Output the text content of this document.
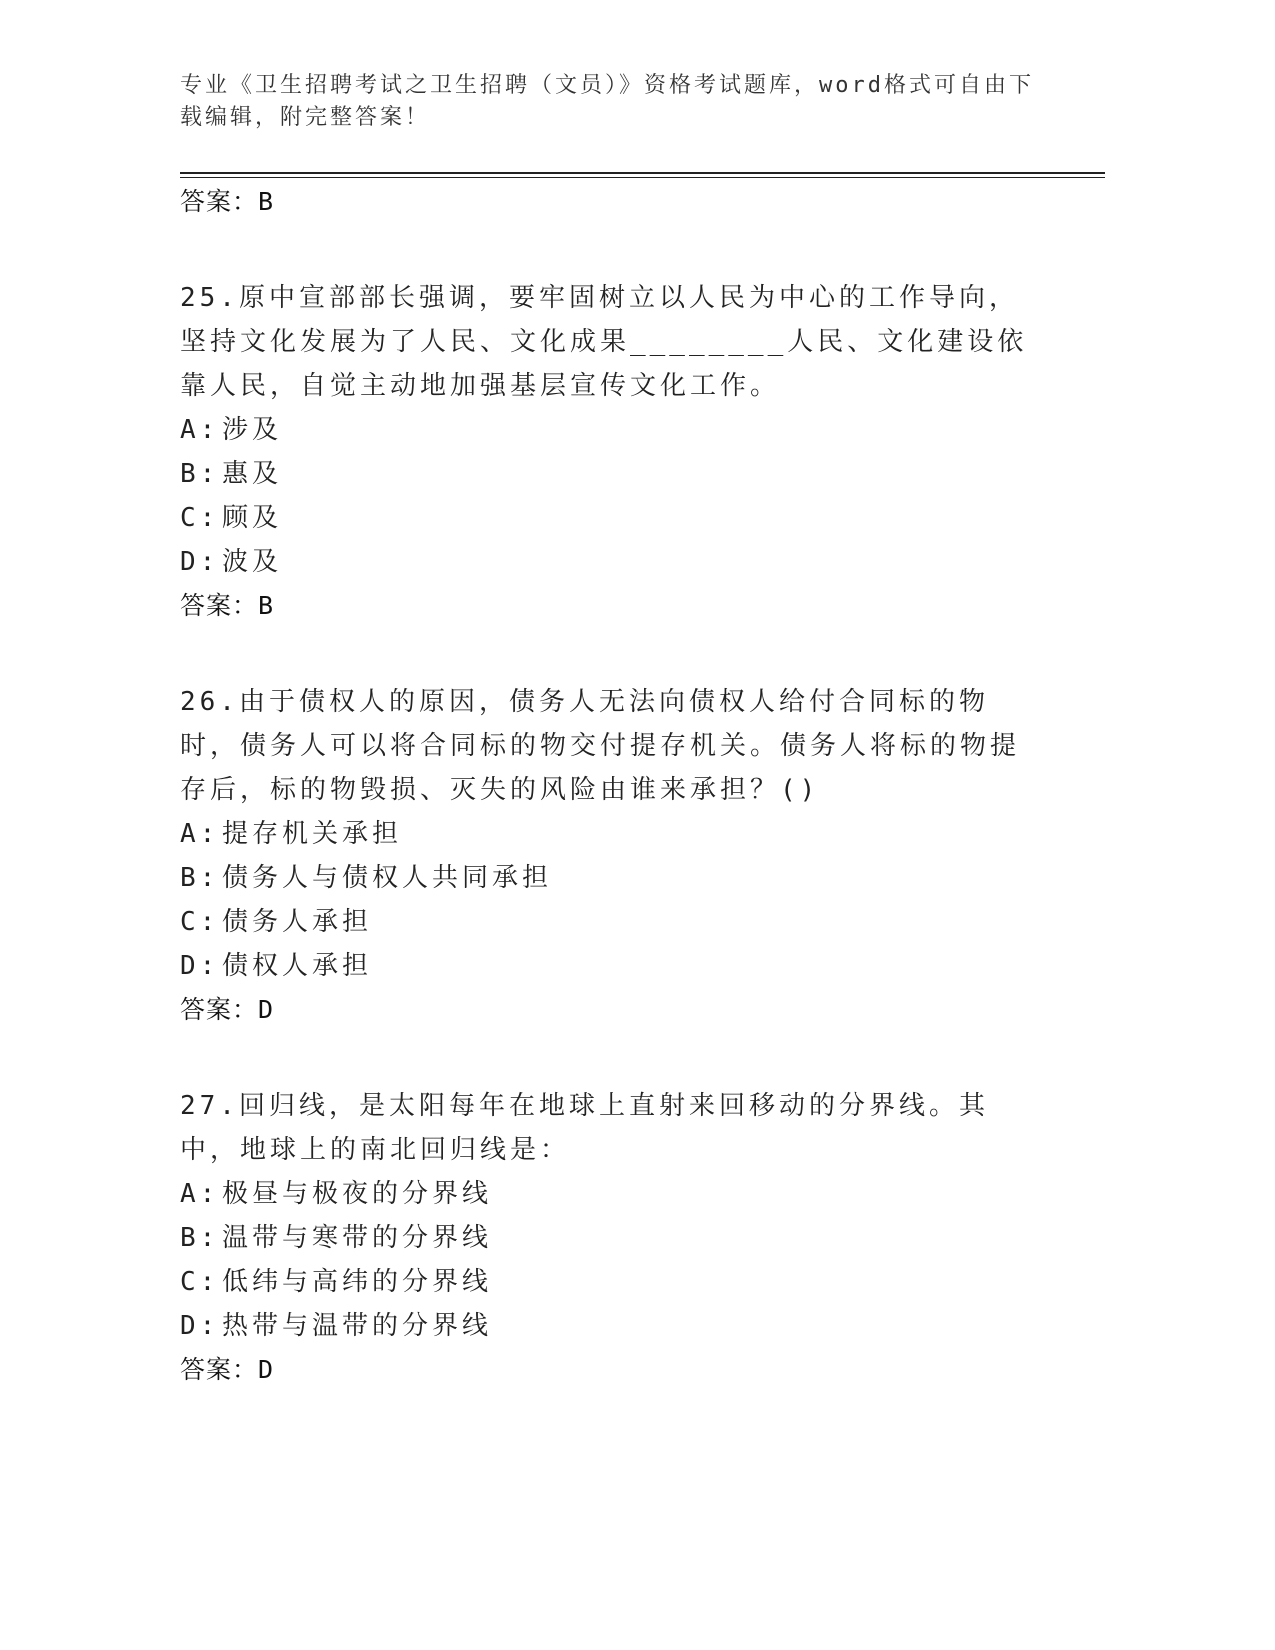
专业《卫生招聘考试之卫生招聘（文员）》资格考试题库，word格式可自由下载编辑，附完整答案！
答案：B
25.原中宣部部长强调，要牢固树立以人民为中心的工作导向，坚持文化发展为了人民、文化成果________人民、文化建设依靠人民，自觉主动地加强基层宣传文化工作。
A: 涉及
B: 惠及
C: 顾及
D: 波及
答案：B
26.由于债权人的原因，债务人无法向债权人给付合同标的物时，债务人可以将合同标的物交付提存机关。债务人将标的物提存后，标的物毁损、灭失的风险由谁来承担？()
A: 提存机关承担
B: 债务人与债权人共同承担
C: 债务人承担
D: 债权人承担
答案：D
27.回归线，是太阳每年在地球上直射来回移动的分界线。其中，地球上的南北回归线是：
A: 极昼与极夜的分界线
B: 温带与寒带的分界线
C: 低纬与高纬的分界线
D: 热带与温带的分界线
答案：D
